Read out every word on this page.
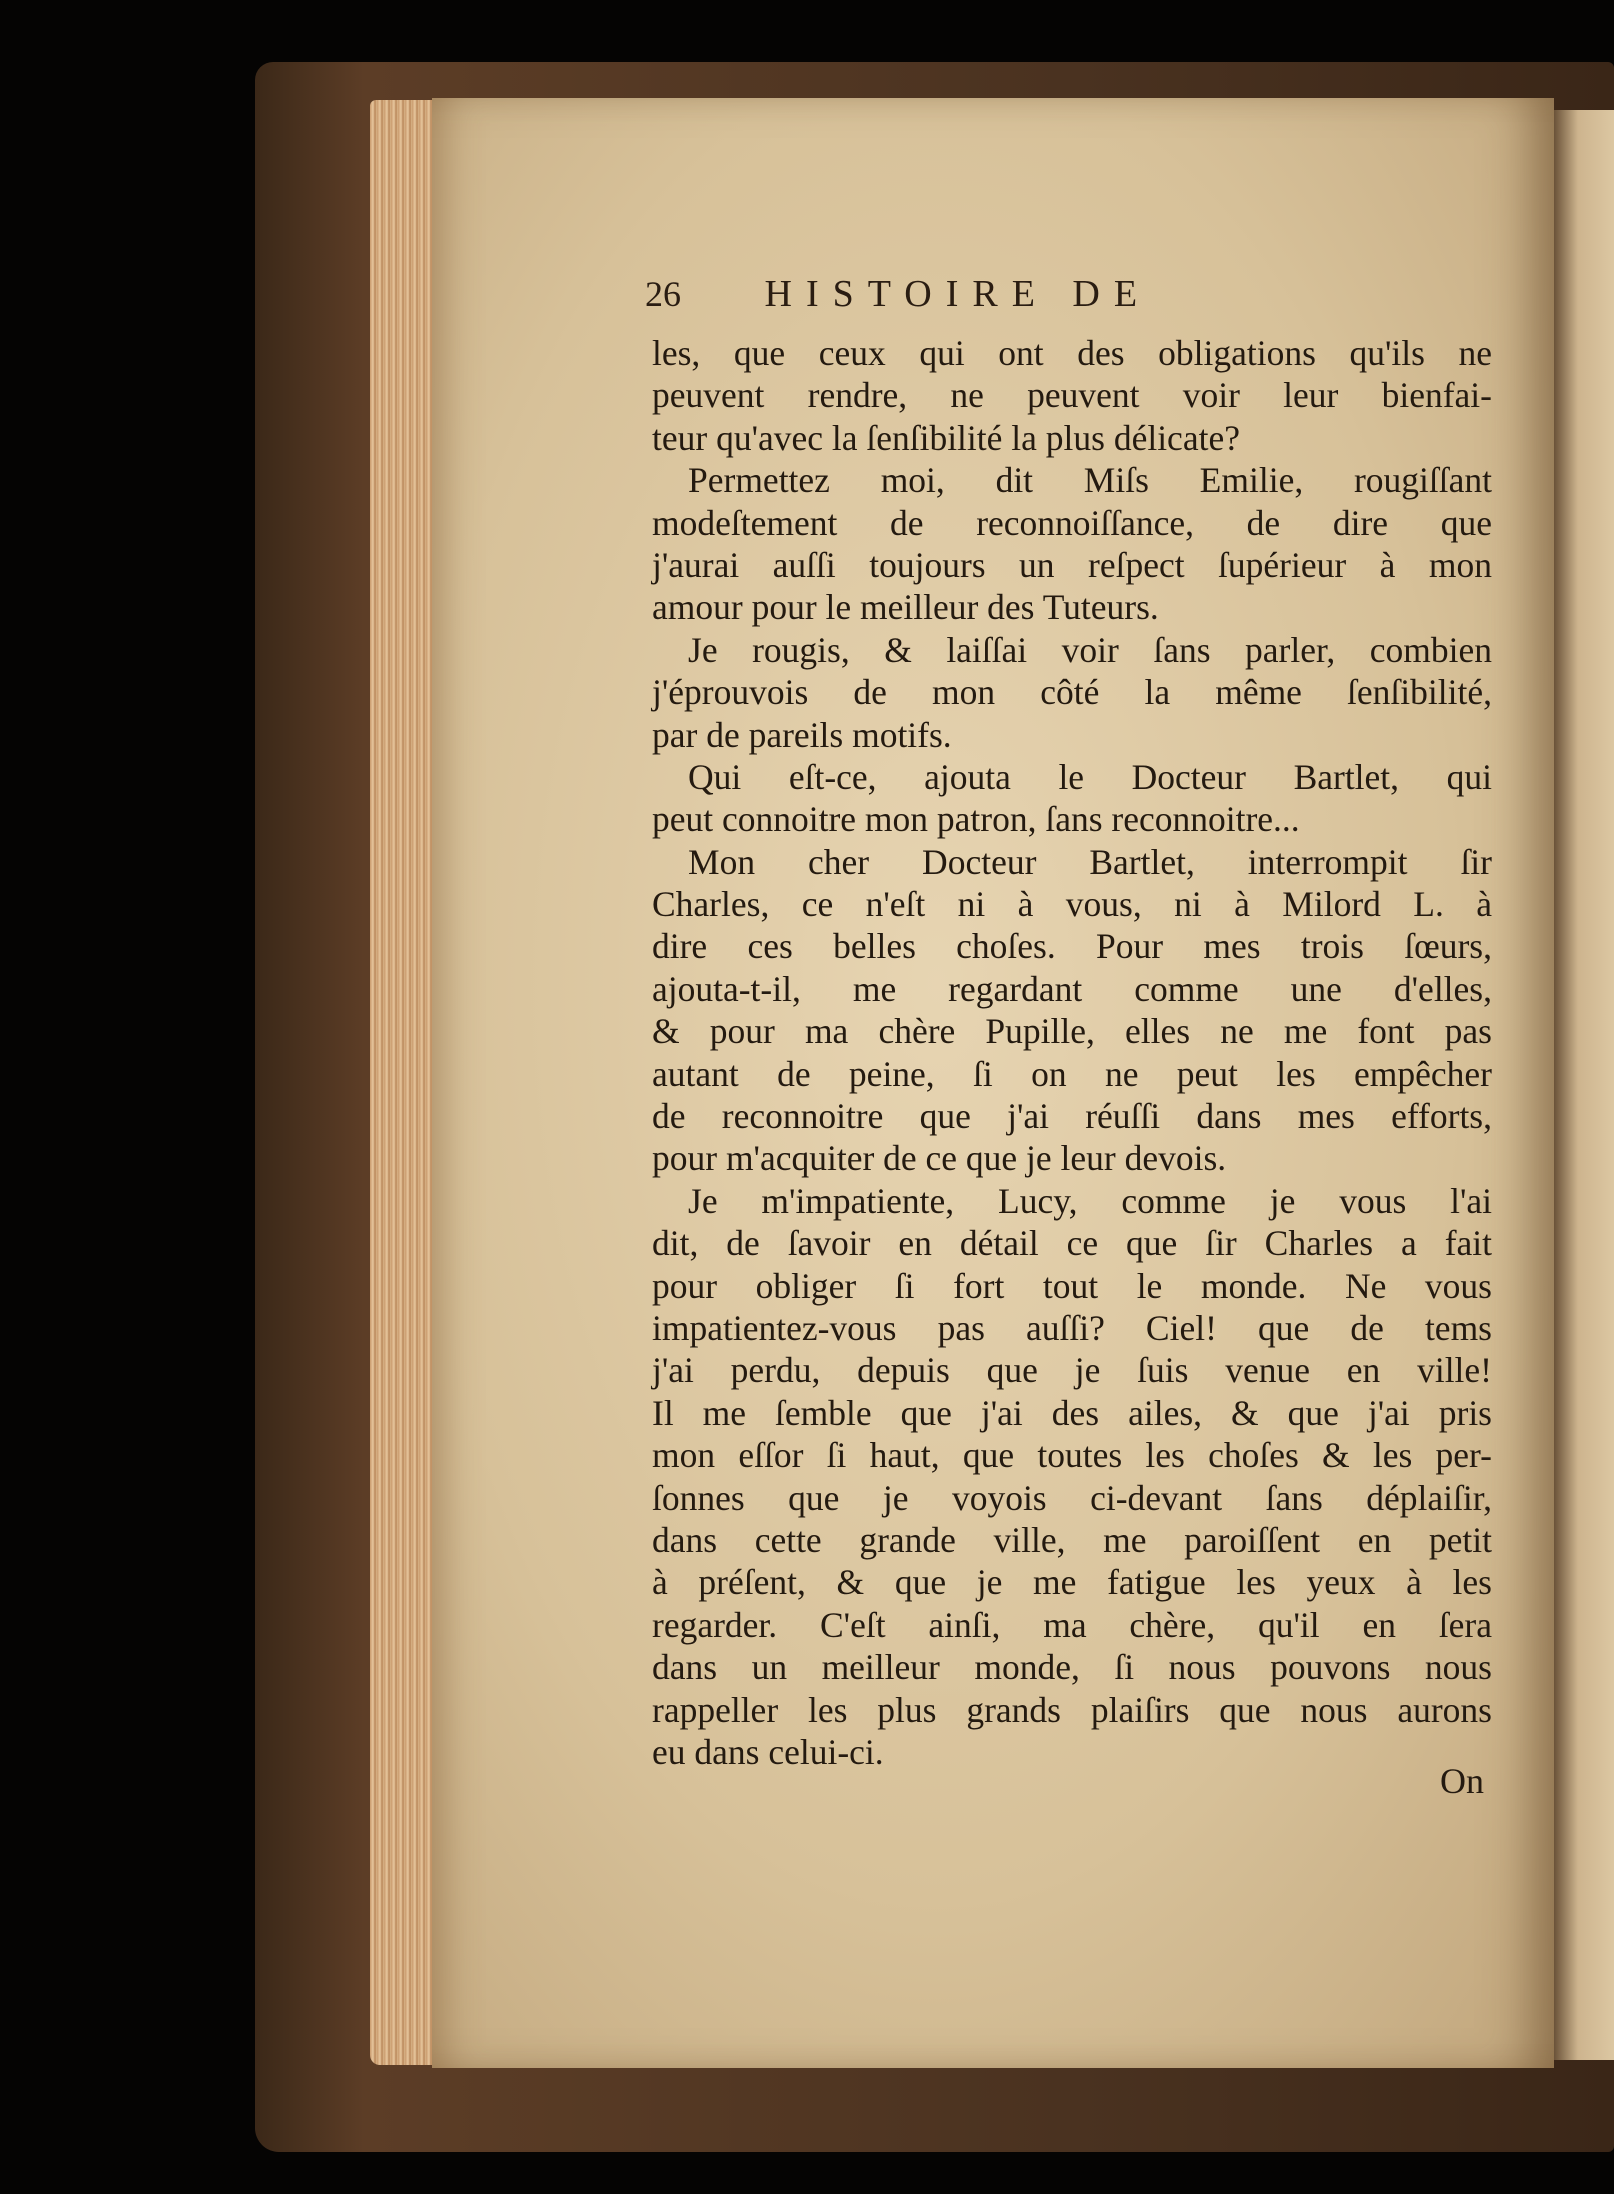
26 HISTOIRE DE
les, que ceux qui ont des obligations qu'ils ne
peuvent rendre, ne peuvent voir leur bienfai-
teur qu'avec la ſenſibilité la plus délicate?
Permettez moi, dit Miſs Emilie, rougiſſant
modeſtement de reconnoiſſance, de dire que
j'aurai auſſi toujours un reſpect ſupérieur à mon
amour pour le meilleur des Tuteurs.
Je rougis, & laiſſai voir ſans parler, combien
j'éprouvois de mon côté la même ſenſibilité,
par de pareils motifs.
Qui eſt-ce, ajouta le Docteur Bartlet, qui
peut connoitre mon patron, ſans reconnoitre...
Mon cher Docteur Bartlet, interrompit ſir
Charles, ce n'eſt ni à vous, ni à Milord L. à
dire ces belles choſes. Pour mes trois ſœurs,
ajouta-t-il, me regardant comme une d'elles,
& pour ma chère Pupille, elles ne me font pas
autant de peine, ſi on ne peut les empêcher
de reconnoitre que j'ai réuſſi dans mes efforts,
pour m'acquiter de ce que je leur devois.
Je m'impatiente, Lucy, comme je vous l'ai
dit, de ſavoir en détail ce que ſir Charles a fait
pour obliger ſi fort tout le monde. Ne vous
impatientez-vous pas auſſi? Ciel! que de tems
j'ai perdu, depuis que je ſuis venue en ville!
Il me ſemble que j'ai des ailes, & que j'ai pris
mon eſſor ſi haut, que toutes les choſes & les per-
ſonnes que je voyois ci-devant ſans déplaiſir,
dans cette grande ville, me paroiſſent en petit
à préſent, & que je me fatigue les yeux à les
regarder. C'eſt ainſi, ma chère, qu'il en ſera
dans un meilleur monde, ſi nous pouvons nous
rappeller les plus grands plaiſirs que nous aurons
eu dans celui-ci.
On
